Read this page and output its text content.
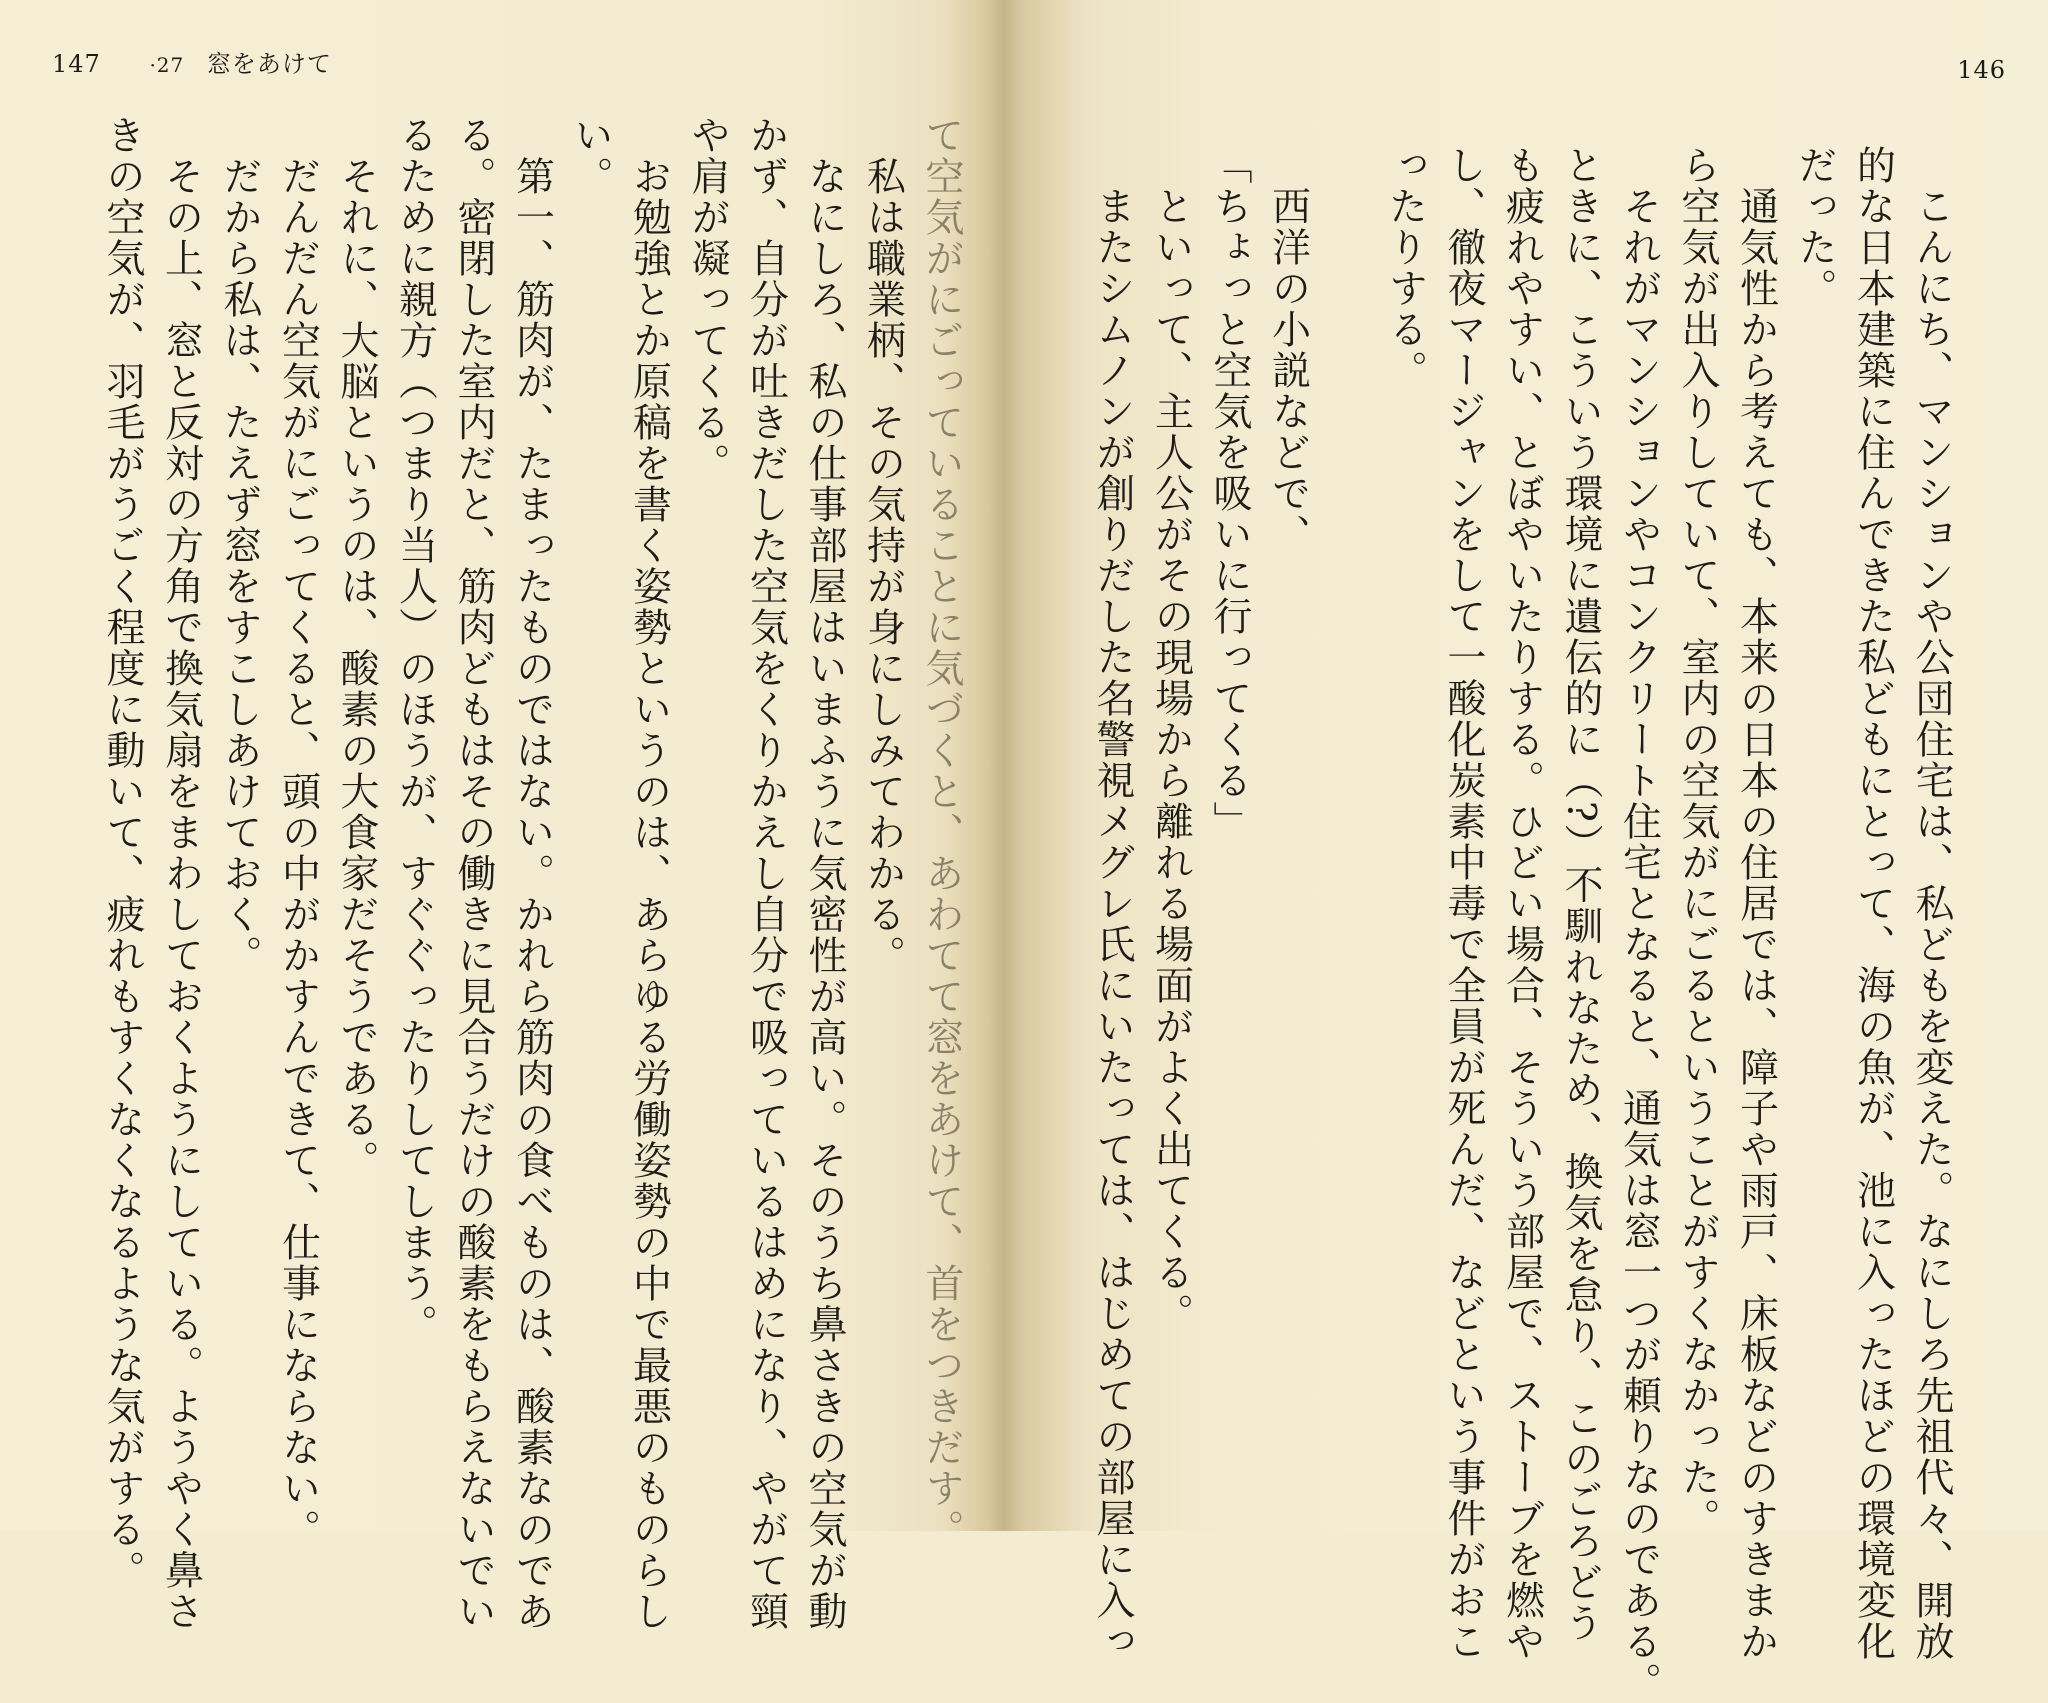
146
　こんにち、マンションや公団住宅は、私どもを変えた。なにしろ先祖代々、開放
的な日本建築に住んできた私どもにとって、海の魚が、池に入ったほどの環境変化
だった。
　通気性から考えても、本来の日本の住居では、障子や雨戸、床板などのすきまか
ら空気が出入りしていて、室内の空気がにごるということがすくなかった。
　それがマンションやコンクリート住宅となると、通気は窓一つが頼りなのである。
ときに、こういう環境に遺伝的に（?）不馴れなため、換気を怠り、このごろどう
も疲れやすい、とぼやいたりする。ひどい場合、そういう部屋で、ストーブを燃や
し、徹夜マージャンをして一酸化炭素中毒で全員が死んだ、などという事件がおこ
ったりする。
　西洋の小説などで、
「ちょっと空気を吸いに行ってくる」
　といって、主人公がその現場から離れる場面がよく出てくる。
　またシムノンが創りだした名警視メグレ氏にいたっては、はじめての部屋に入っ
147 ·27 窓をあけて
て空気がにごっていることに気づくと、あわてて窓をあけて、首をつきだす。
　私は職業柄、その気持が身にしみてわかる。
　なにしろ、私の仕事部屋はいまふうに気密性が高い。そのうち鼻さきの空気が動
かず、自分が吐きだした空気をくりかえし自分で吸っているはめになり、やがて頸
や肩が凝ってくる。
　お勉強とか原稿を書く姿勢というのは、あらゆる労働姿勢の中で最悪のものらし
い。
　第一、筋肉が、たまったものではない。かれら筋肉の食べものは、酸素なのであ
る。密閉した室内だと、筋肉どもはその働きに見合うだけの酸素をもらえないでい
るために親方（つまり当人）のほうが、すぐぐったりしてしまう。
　それに、大脳というのは、酸素の大食家だそうである。
　だんだん空気がにごってくると、頭の中がかすんできて、仕事にならない。
　だから私は、たえず窓をすこしあけておく。
　その上、窓と反対の方角で換気扇をまわしておくようにしている。ようやく鼻さ
きの空気が、羽毛がうごく程度に動いて、疲れもすくなくなるような気がする。
